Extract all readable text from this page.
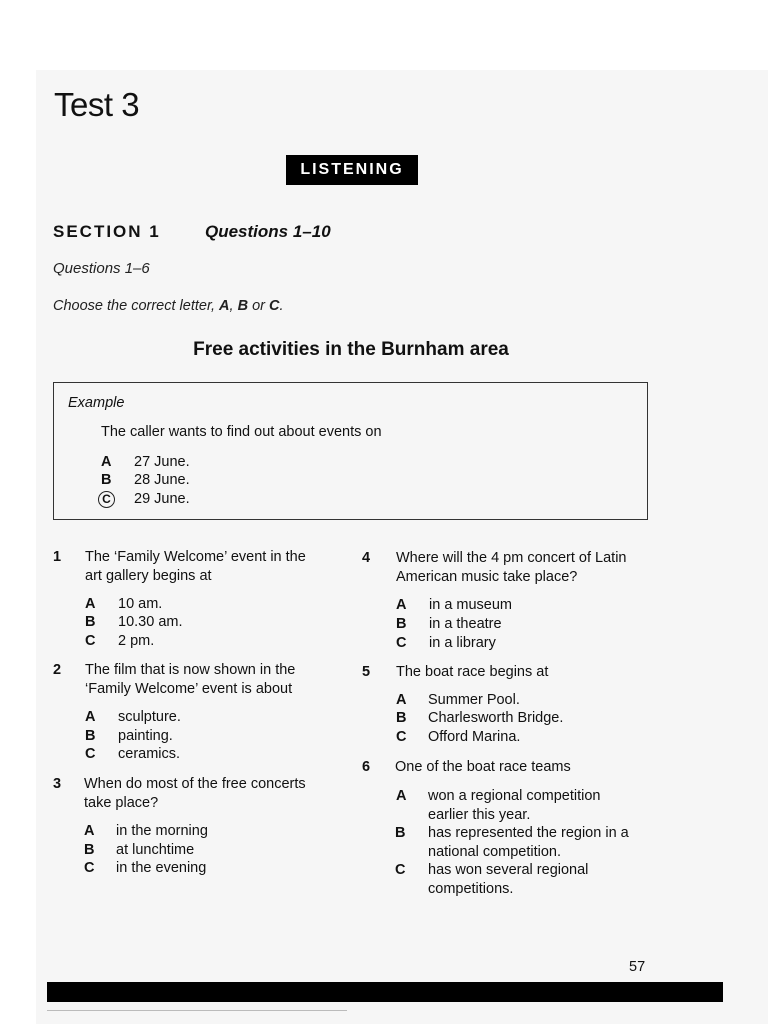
Test 3
LISTENING
SECTION 1	Questions 1–10
Questions 1–6
Choose the correct letter, A, B or C.
Free activities in the Burnham area
Example
The caller wants to find out about events on
A 27 June.
B 28 June.
C 29 June.
1 The ‘Family Welcome’ event in the
art gallery begins at
A 10 am.
B 10.30 am.
C 2 pm.
2 The film that is now shown in the
‘Family Welcome’ event is about
A sculpture.
B painting.
C ceramics.
3 When do most of the free concerts
take place?
A in the morning
B at lunchtime
C in the evening
4 Where will the 4 pm concert of Latin
American music take place?
A in a museum
B in a theatre
C in a library
5 The boat race begins at
A Summer Pool.
B Charlesworth Bridge.
C Offord Marina.
6 One of the boat race teams
A won a regional competition
earlier this year.
B has represented the region in a
national competition.
C has won several regional
competitions.
57
